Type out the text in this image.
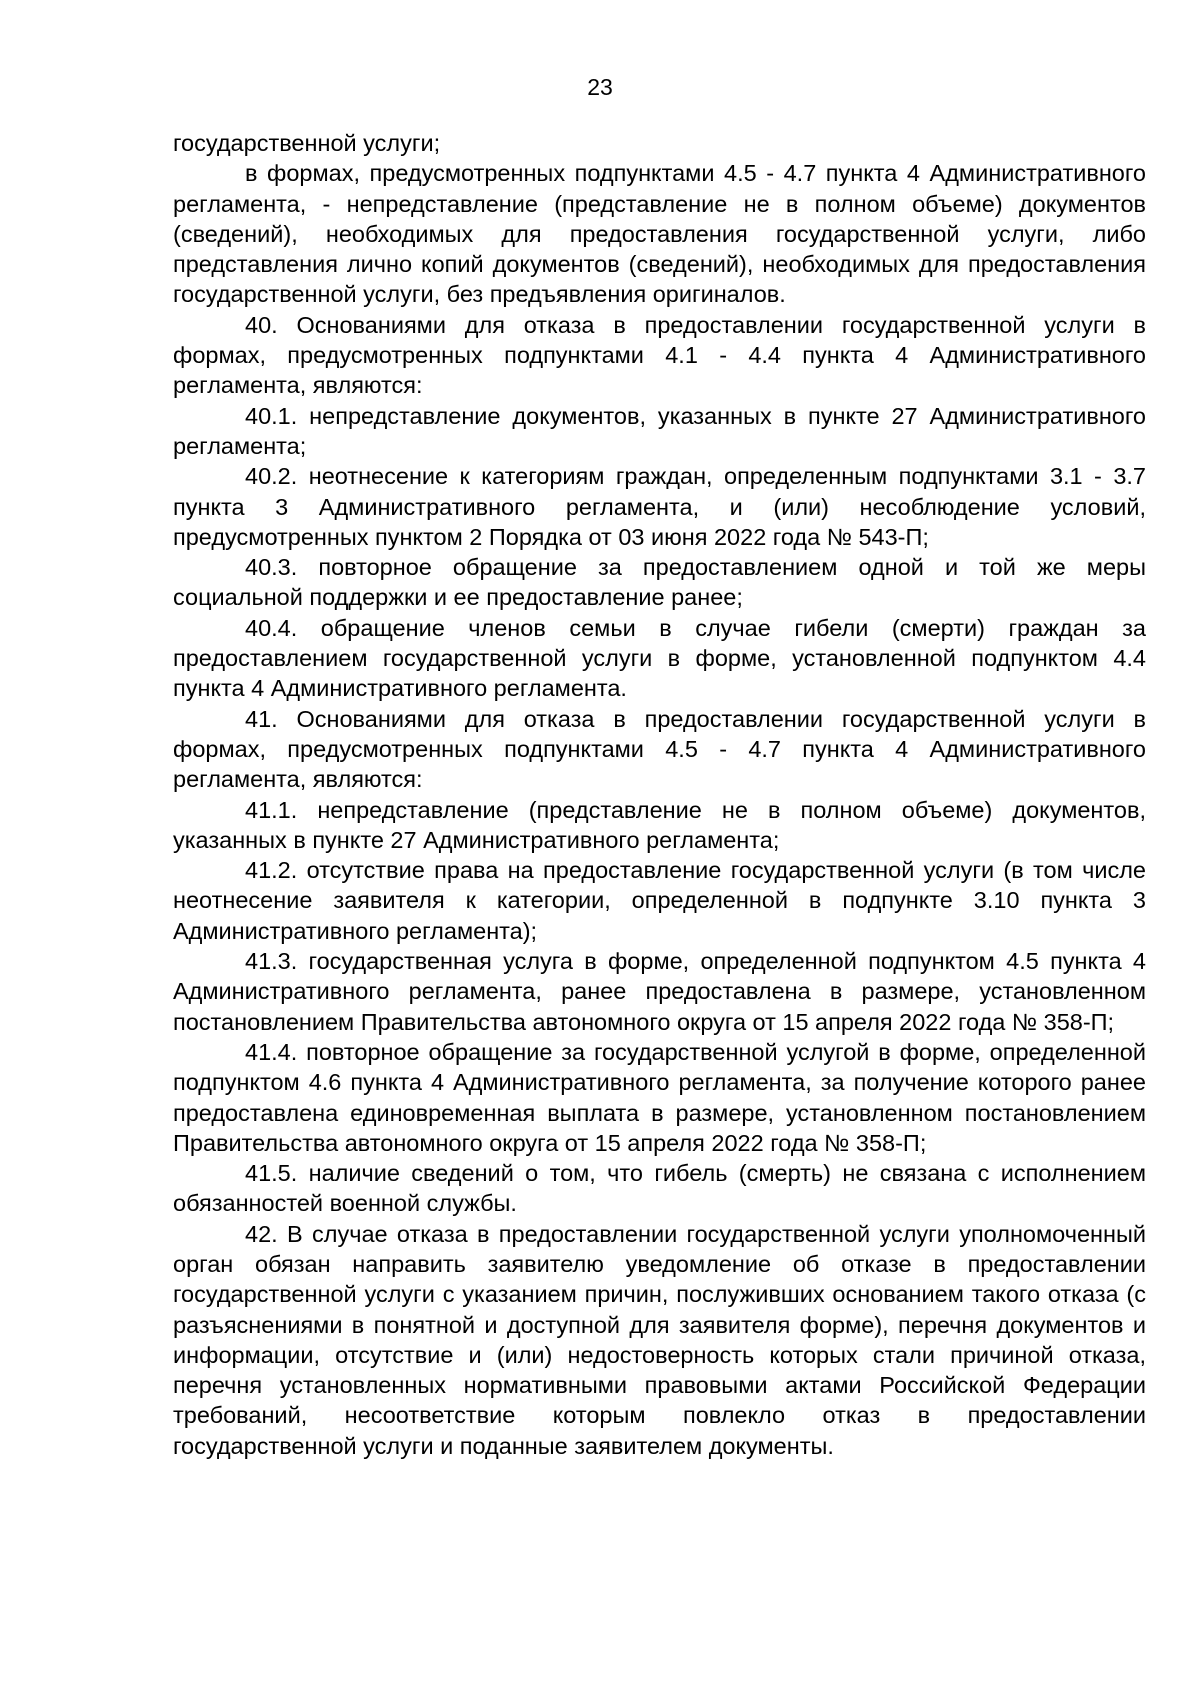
23

государственной услуги;

в формах, предусмотренных подпунктами 4.5 - 4.7 пункта 4 Административного регламента, - непредставление (представление не в полном объеме) документов (сведений), необходимых для предоставления государственной услуги, либо представления лично копий документов (сведений), необходимых для предоставления государственной услуги, без предъявления оригиналов.

40. Основаниями для отказа в предоставлении государственной услуги в формах, предусмотренных подпунктами 4.1 - 4.4 пункта 4 Административного регламента, являются:

40.1. непредставление документов, указанных в пункте 27 Административного регламента;

40.2. неотнесение к категориям граждан, определенным подпунктами 3.1 - 3.7 пункта 3 Административного регламента, и (или) несоблюдение условий, предусмотренных пунктом 2 Порядка от 03 июня 2022 года № 543-П;

40.3. повторное обращение за предоставлением одной и той же меры социальной поддержки и ее предоставление ранее;

40.4. обращение членов семьи в случае гибели (смерти) граждан за предоставлением государственной услуги в форме, установленной подпунктом 4.4 пункта 4 Административного регламента.

41. Основаниями для отказа в предоставлении государственной услуги в формах, предусмотренных подпунктами 4.5 - 4.7 пункта 4 Административного регламента, являются:

41.1. непредставление (представление не в полном объеме) документов, указанных в пункте 27 Административного регламента;

41.2. отсутствие права на предоставление государственной услуги (в том числе неотнесение заявителя к категории, определенной в подпункте 3.10 пункта 3 Административного регламента);

41.3. государственная услуга в форме, определенной подпунктом 4.5 пункта 4 Административного регламента, ранее предоставлена в размере, установленном постановлением Правительства автономного округа от 15 апреля 2022 года № 358-П;

41.4. повторное обращение за государственной услугой в форме, определенной подпунктом 4.6 пункта 4 Административного регламента, за получение которого ранее предоставлена единовременная выплата в размере, установленном постановлением Правительства автономного округа от 15 апреля 2022 года № 358-П;

41.5. наличие сведений о том, что гибель (смерть) не связана с исполнением обязанностей военной службы.

42. В случае отказа в предоставлении государственной услуги уполномоченный орган обязан направить заявителю уведомление об отказе в предоставлении государственной услуги с указанием причин, послуживших основанием такого отказа (с разъяснениями в понятной и доступной для заявителя форме), перечня документов и информации, отсутствие и (или) недостоверность которых стали причиной отказа, перечня установленных нормативными правовыми актами Российской Федерации требований, несоответствие которым повлекло отказ в предоставлении государственной услуги и поданные заявителем документы.
